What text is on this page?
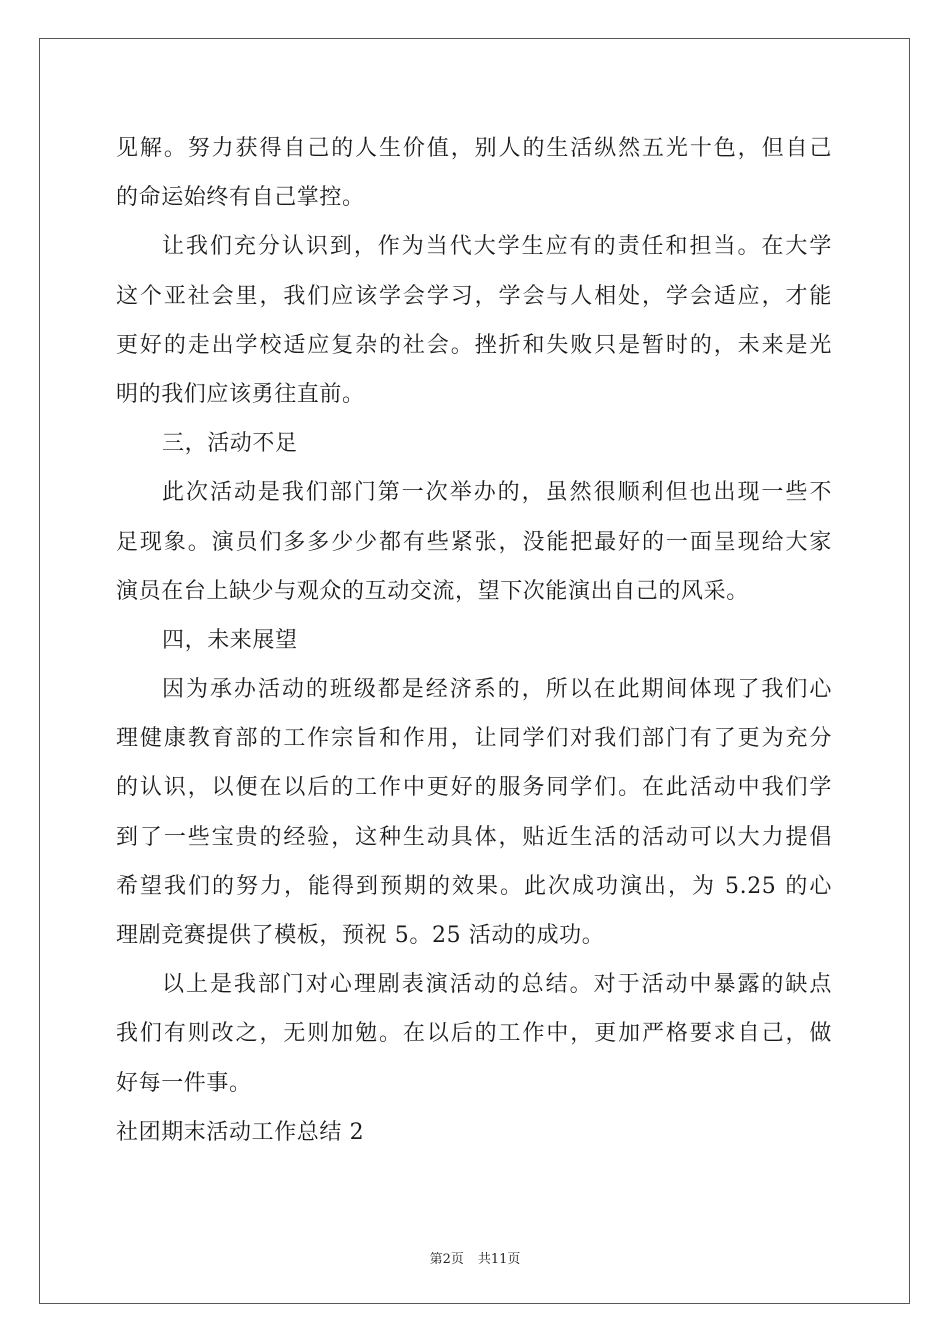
见解。努力获得自己的人生价值，别人的生活纵然五光十色，但自己
的命运始终有自己掌控。
让我们充分认识到，作为当代大学生应有的责任和担当。在大学
这个亚社会里，我们应该学会学习，学会与人相处，学会适应，才能
更好的走出学校适应复杂的社会。挫折和失败只是暂时的，未来是光
明的我们应该勇往直前。
三，活动不足
此次活动是我们部门第一次举办的，虽然很顺利但也出现一些不
足现象。演员们多多少少都有些紧张，没能把最好的一面呈现给大家
演员在台上缺少与观众的互动交流，望下次能演出自己的风采。
四，未来展望
因为承办活动的班级都是经济系的，所以在此期间体现了我们心
理健康教育部的工作宗旨和作用，让同学们对我们部门有了更为充分
的认识，以便在以后的工作中更好的服务同学们。在此活动中我们学
到了一些宝贵的经验，这种生动具体，贴近生活的活动可以大力提倡
希望我们的努力，能得到预期的效果。此次成功演出，为 5.25 的心
理剧竞赛提供了模板，预祝 5。25 活动的成功。
以上是我部门对心理剧表演活动的总结。对于活动中暴露的缺点
我们有则改之，无则加勉。在以后的工作中，更加严格要求自己，做
好每一件事。
社团期末活动工作总结 2
第2页 共11页
